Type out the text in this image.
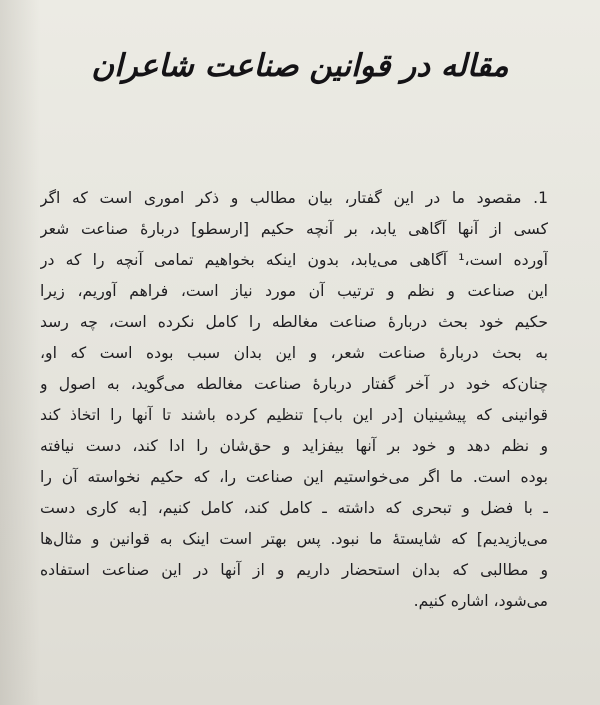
مقاله در قوانین صناعت شاعران
1. مقصود ما در این گفتار، بیان مطالب و ذکر اموری است که اگر
کسی از آنها آگاهی یابد، بر آنچه حکیم [ارسطو] دربارهٔ صناعت شعر
آورده است،¹ آگاهی می‌یابد، بدون اینکه بخواهیم تمامی آنچه را که در
این صناعت و نظم و ترتیب آن مورد نیاز است، فراهم آوریم، زیرا
حکیم خود بحث دربارهٔ صناعت مغالطه را کامل نکرده است، چه رسد
به بحث دربارهٔ صناعت شعر، و این بدان سبب بوده است که او،
چنان‌که خود در آخر گفتار دربارهٔ صناعت مغالطه می‌گوید، به اصول و
قوانینی که پیشینیان [در این باب] تنظیم کرده باشند تا آنها را اتخاذ کند
و نظم دهد و خود بر آنها بیفزاید و حق‌شان را ادا کند، دست نیافته
بوده است. ما اگر می‌خواستیم این صناعت را، که حکیم نخواسته آن را
ـ با فضل و تبحری که داشته ـ کامل کند، کامل کنیم، [به کاری دست
می‌یازیدیم] که شایستهٔ ما نبود. پس بهتر است اینک به قوانین و مثال‌ها
و مطالبی که بدان استحضار داریم و از آنها در این صناعت استفاده
می‌شود، اشاره کنیم.
